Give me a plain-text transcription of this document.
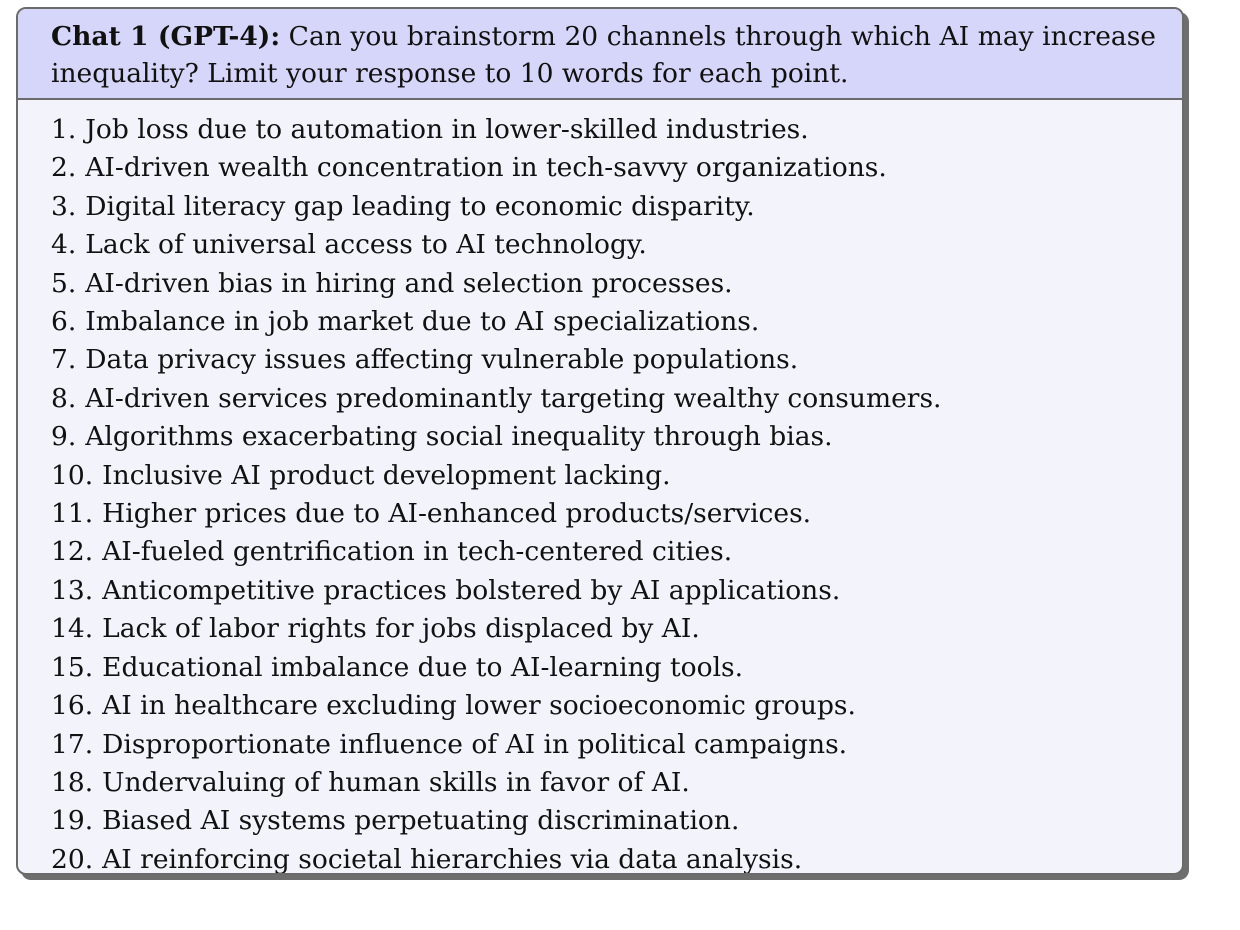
Chat 1 (GPT-4): Can you brainstorm 20 channels through which AI may increase inequality? Limit your response to 10 words for each point.
1. Job loss due to automation in lower-skilled industries.
2. AI-driven wealth concentration in tech-savvy organizations.
3. Digital literacy gap leading to economic disparity.
4. Lack of universal access to AI technology.
5. AI-driven bias in hiring and selection processes.
6. Imbalance in job market due to AI specializations.
7. Data privacy issues affecting vulnerable populations.
8. AI-driven services predominantly targeting wealthy consumers.
9. Algorithms exacerbating social inequality through bias.
10. Inclusive AI product development lacking.
11. Higher prices due to AI-enhanced products/services.
12. AI-fueled gentrification in tech-centered cities.
13. Anticompetitive practices bolstered by AI applications.
14. Lack of labor rights for jobs displaced by AI.
15. Educational imbalance due to AI-learning tools.
16. AI in healthcare excluding lower socioeconomic groups.
17. Disproportionate influence of AI in political campaigns.
18. Undervaluing of human skills in favor of AI.
19. Biased AI systems perpetuating discrimination.
20. AI reinforcing societal hierarchies via data analysis.
